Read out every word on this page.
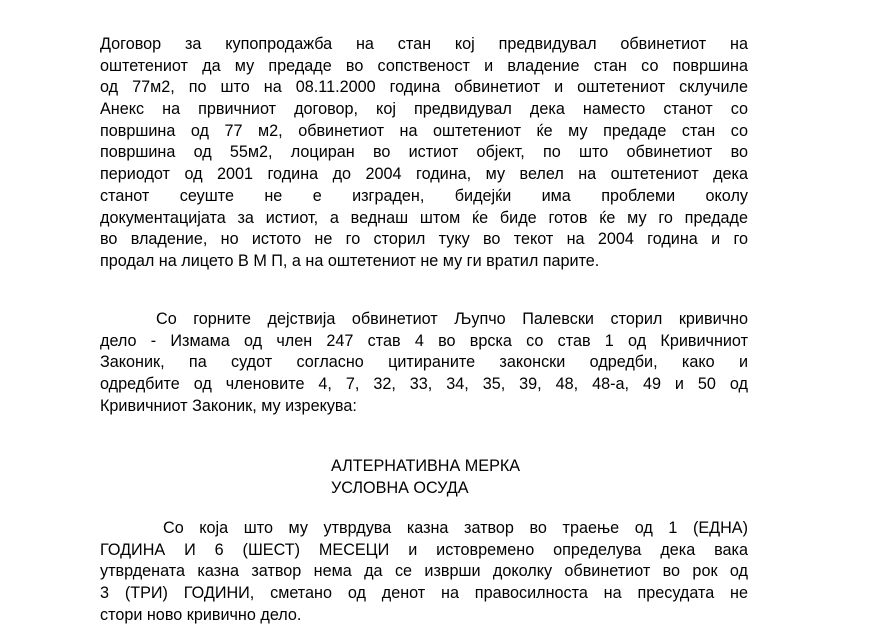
Договор за купопродажба на стан кој предвидувал обвинетиот на
оштетениот да му предаде во сопственост и владение стан со површина
од 77м2, по што на 08.11.2000 година обвинетиот и оштетениот склучиле
Анекс на првичниот договор, кој предвидувал дека наместо станот со
површина од 77 м2, обвинетиот на оштетениот ќе му предаде стан со
површина од 55м2, лоциран во истиот објект, по што обвинетиот во
периодот од 2001 година до 2004 година, му велел на оштетениот дека
станот сеуште не е изграден, бидејќи има проблеми околу
документацијата за истиот, а веднаш штом ќе биде готов ќе му го предаде
во владение, но истото не го сторил туку во текот на 2004 година и го
продал на лицето В М П, а на оштетениот не му ги вратил парите.
Со горните дејствија обвинетиот Љупчо Палевски сторил кривично
дело - Измама од член 247 став 4 во врска со став 1 од Кривичниот
Законик, па судот согласно цитираните законски одредби, како и
одредбите од членовите 4, 7, 32, 33, 34, 35, 39, 48, 48-а, 49 и 50 од
Кривичниот Законик, му изрекува:

АЛТЕРНАТИВНА МЕРКА

УСЛОВНА ОСУДА

Со која што му утврдува казна затвор во траење од 1 (ЕДНА)
ГОДИНА И 6 (ШЕСТ) МЕСЕЦИ и истовремено определува дека вака
утврдената казна затвор нема да се изврши доколку обвинетиот во рок од
3 (ТРИ) ГОДИНИ, сметано од денот на правосилноста на пресудата не
стори ново кривично дело.
